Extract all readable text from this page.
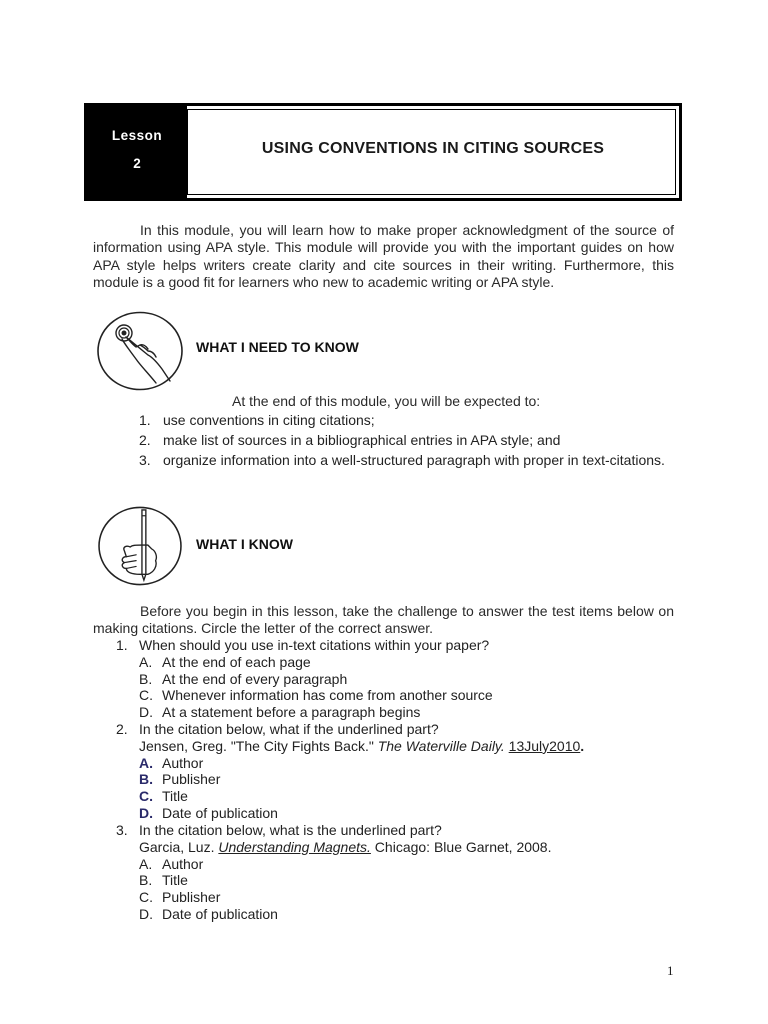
Lesson
2
USING CONVENTIONS IN CITING SOURCES
In this module, you will learn how to make proper acknowledgment of the source of information using APA style. This module will provide you with the important guides on how APA style helps writers create clarity and cite sources in their writing. Furthermore, this module is a good fit for learners who new to academic writing or APA style.
WHAT I NEED TO KNOW
At the end of this module, you will be expected to:
1. use conventions in citing citations;
2. make list of sources in a bibliographical entries in APA style; and
3. organize information into a well-structured paragraph with proper in text-citations.
WHAT I KNOW
Before you begin in this lesson, take the challenge to answer the test items below on making citations. Circle the letter of the correct answer.
1. When should you use in-text citations within your paper?
A. At the end of each page
B. At the end of every paragraph
C. Whenever information has come from another source
D. At a statement before a paragraph begins
2. In the citation below, what if the underlined part?
Jensen, Greg. "The City Fights Back." The Waterville Daily. 13July2010.
A. Author
B. Publisher
C. Title
D. Date of publication
3. In the citation below, what is the underlined part?
Garcia, Luz. Understanding Magnets. Chicago: Blue Garnet, 2008.
A. Author
B. Title
C. Publisher
D. Date of publication
1
